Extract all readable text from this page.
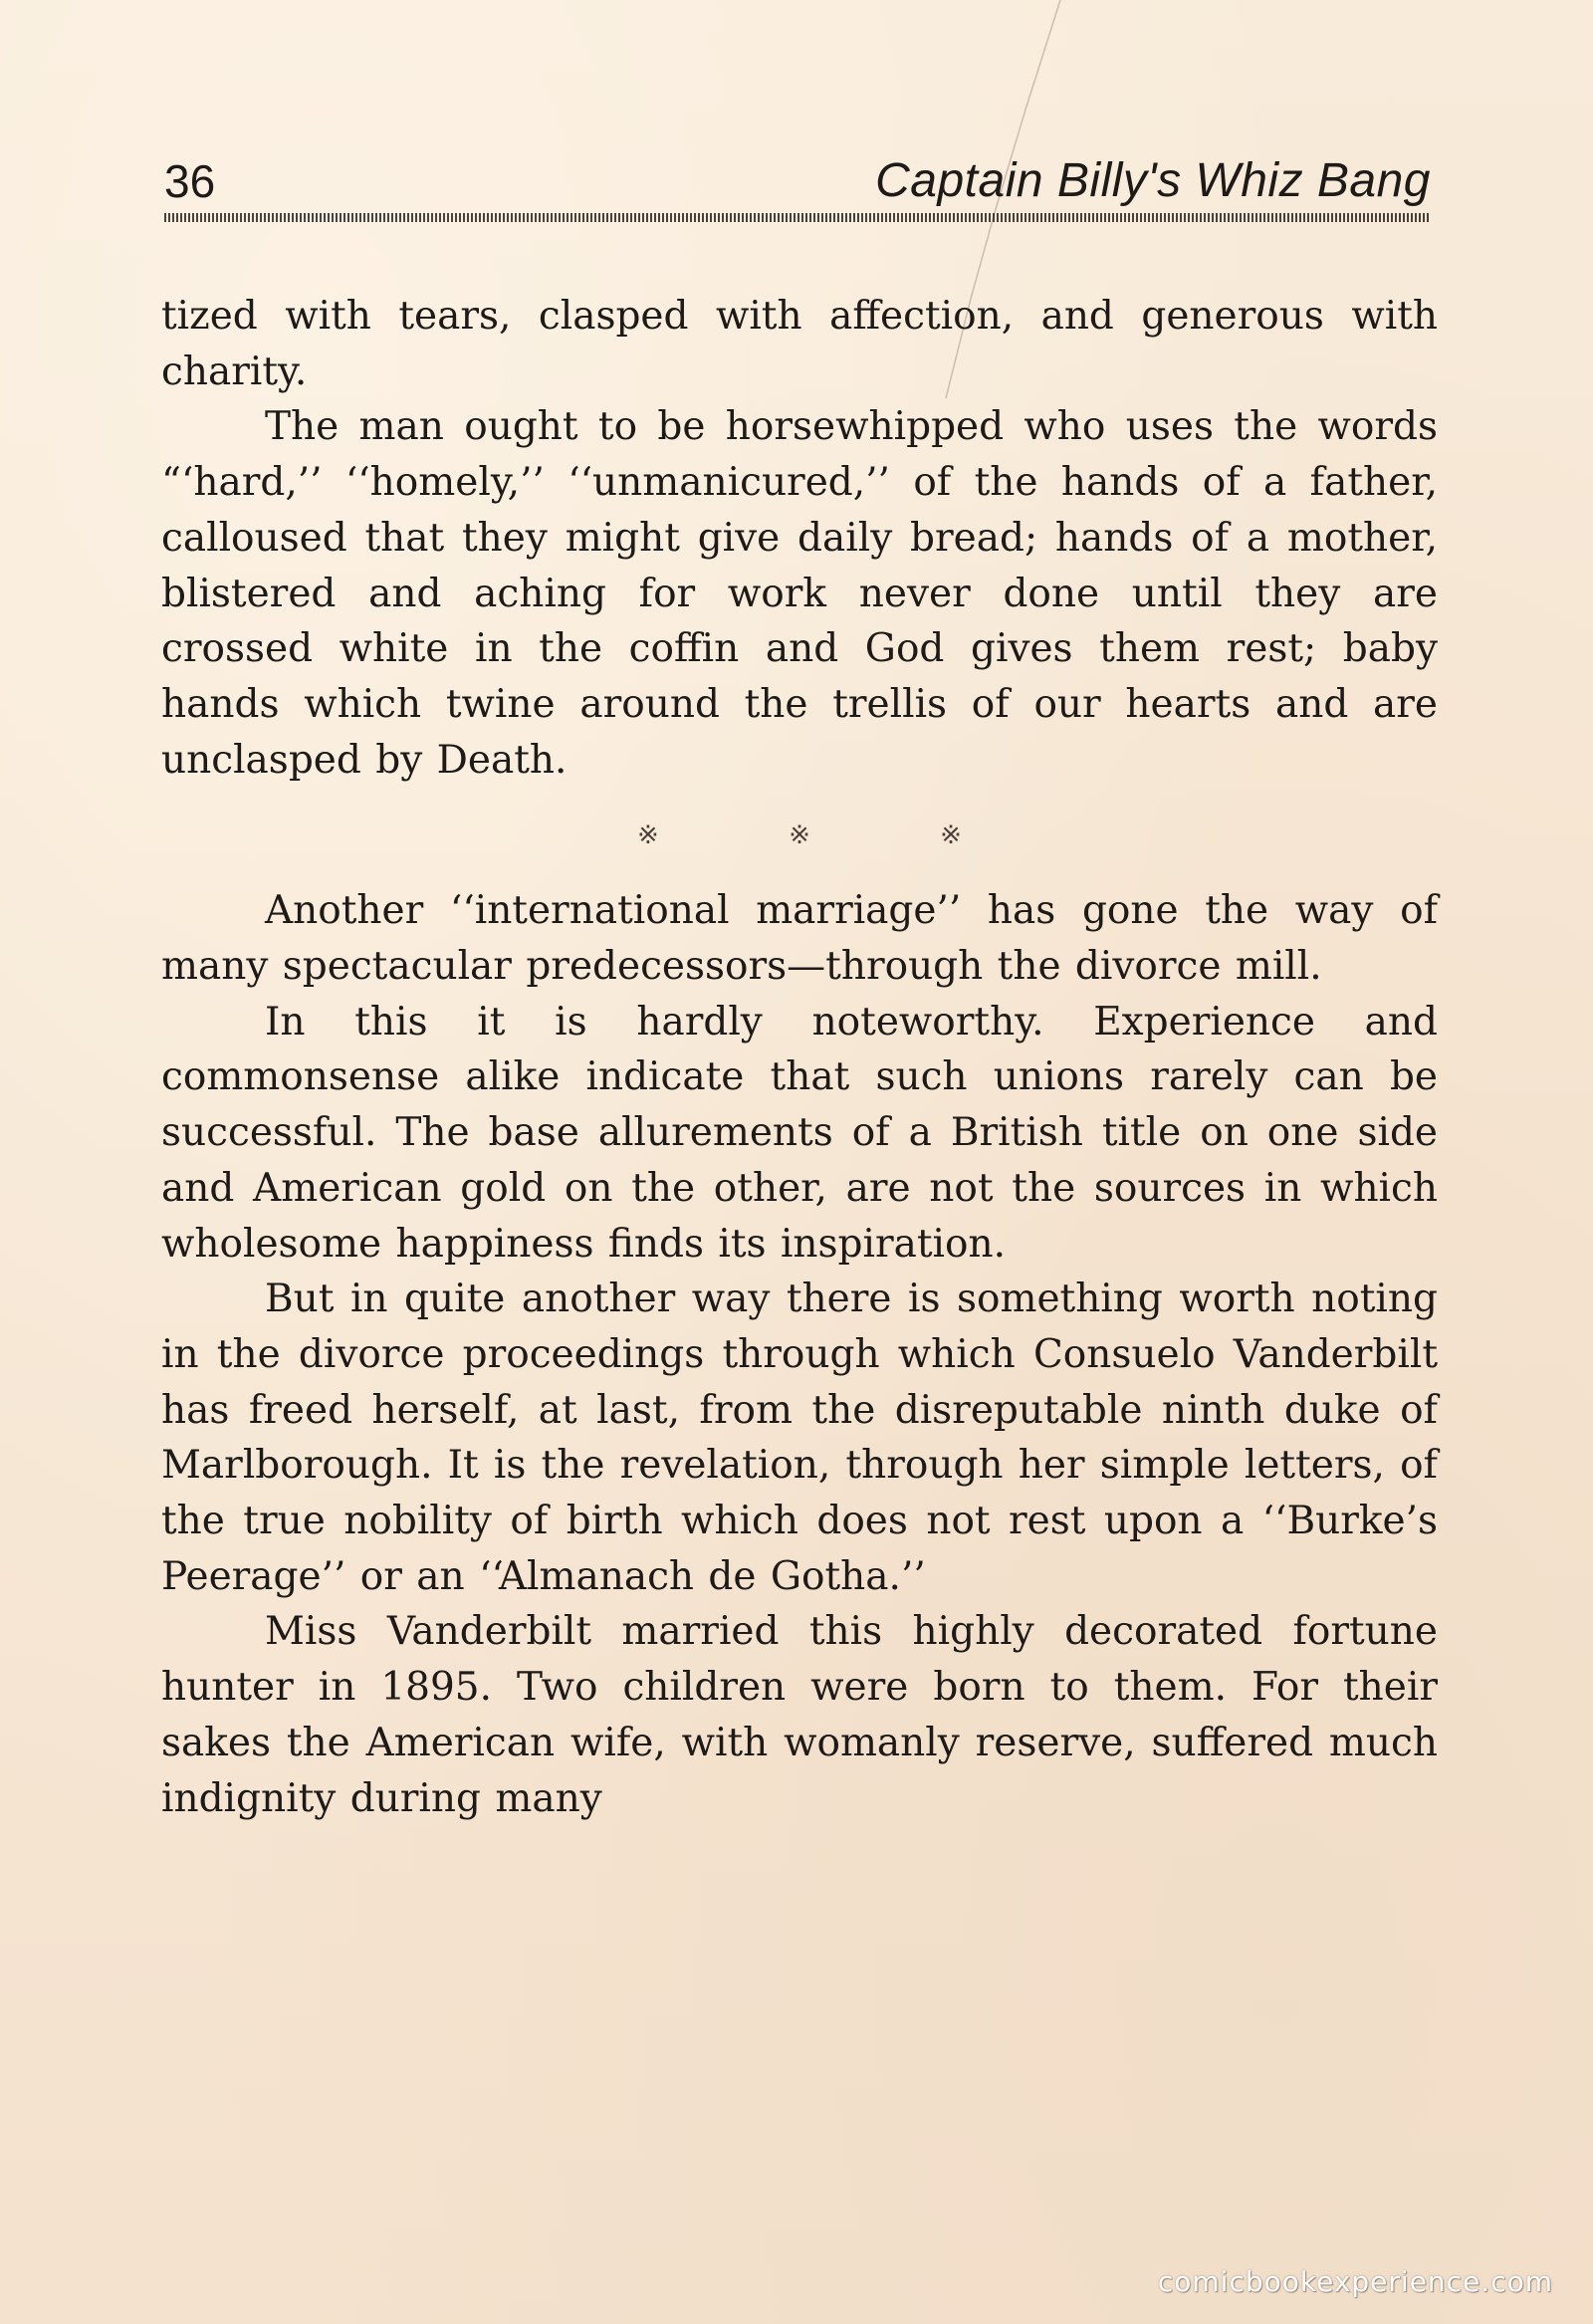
36	Captain Billy's Whiz Bang

tized with tears, clasped with affection, and generous with charity.

The man ought to be horsewhipped who uses the words “‘hard,’’ ‘‘homely,’’ ‘‘unmanicured,’’ of the hands of a father, calloused that they might give daily bread; hands of a mother, blistered and aching for work never done until they are crossed white in the coffin and God gives them rest; baby hands which twine around the trellis of our hearts and are unclasped by Death.

※ ※ ※

Another ‘‘international marriage’’ has gone the way of many spectacular predecessors—through the divorce mill.

In this it is hardly noteworthy. Experience and commonsense alike indicate that such unions rarely can be successful. The base allurements of a British title on one side and American gold on the other, are not the sources in which wholesome happiness finds its inspiration.

But in quite another way there is something worth noting in the divorce proceedings through which Consuelo Vanderbilt has freed herself, at last, from the disreputable ninth duke of Marlborough. It is the revelation, through her simple letters, of the true nobility of birth which does not rest upon a ‘‘Burke’s Peerage’’ or an ‘‘Almanach de Gotha.’’

Miss Vanderbilt married this highly decorated fortune hunter in 1895. Two children were born to them. For their sakes the American wife, with womanly reserve, suffered much indignity during many

comicbookexperience.com
